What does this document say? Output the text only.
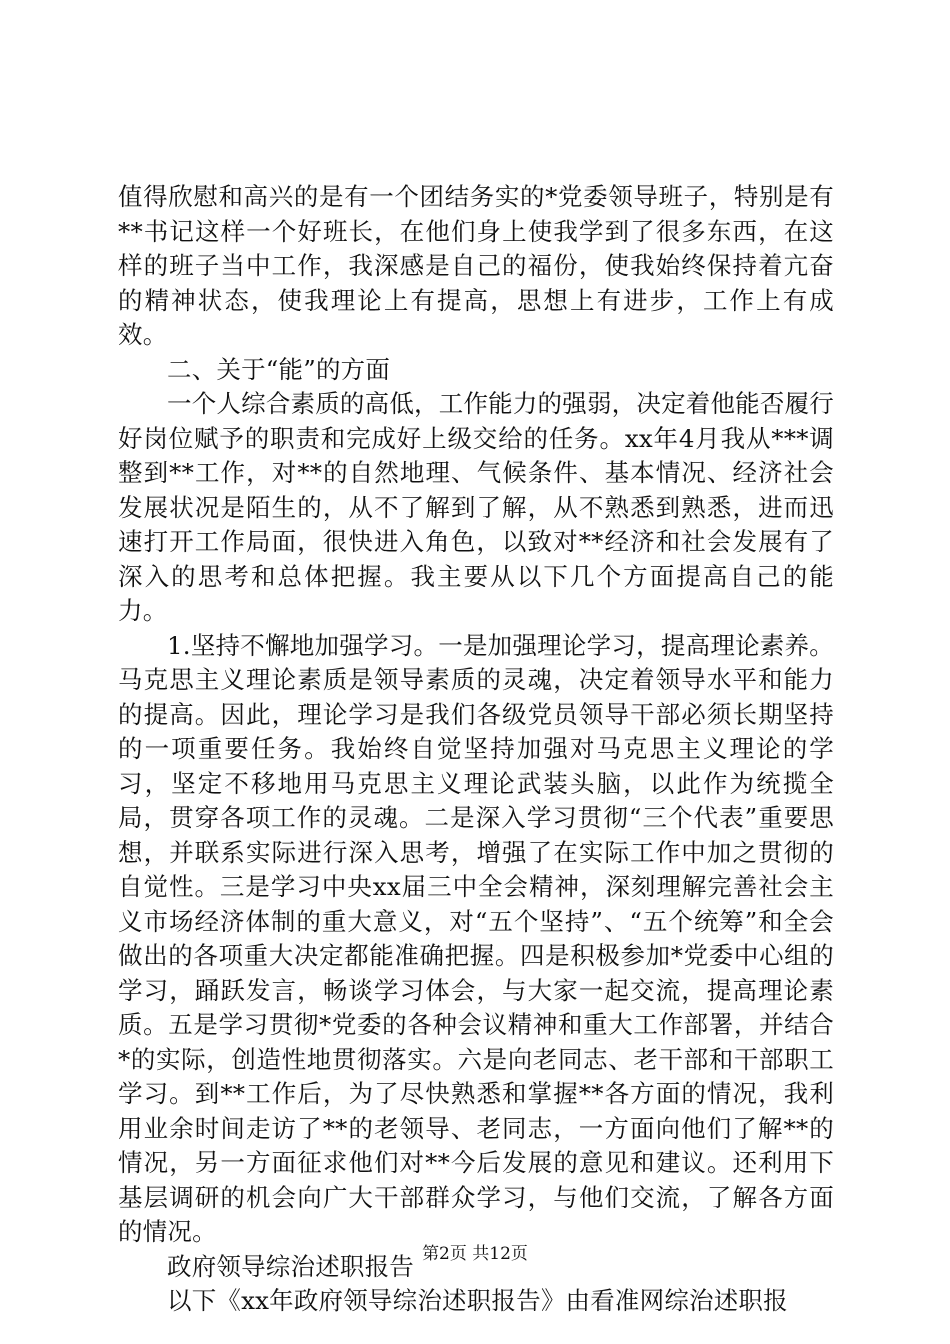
值得欣慰和高兴的是有一个团结务实的*党委领导班子，特别是有**书记这样一个好班长，在他们身上使我学到了很多东西，在这样的班子当中工作，我深感是自己的福份，使我始终保持着亢奋的精神状态，使我理论上有提高，思想上有进步，工作上有成效。

二、关于“能”的方面

一个人综合素质的高低，工作能力的强弱，决定着他能否履行好岗位赋予的职责和完成好上级交给的任务。xx年4月我从***调整到**工作，对**的自然地理、气候条件、基本情况、经济社会发展状况是陌生的，从不了解到了解，从不熟悉到熟悉，进而迅速打开工作局面，很快进入角色，以致对**经济和社会发展有了深入的思考和总体把握。我主要从以下几个方面提高自己的能力。

1.坚持不懈地加强学习。一是加强理论学习，提高理论素养。马克思主义理论素质是领导素质的灵魂，决定着领导水平和能力的提高。因此，理论学习是我们各级党员领导干部必须长期坚持的一项重要任务。我始终自觉坚持加强对马克思主义理论的学习，坚定不移地用马克思主义理论武装头脑，以此作为统揽全局，贯穿各项工作的灵魂。二是深入学习贯彻“三个代表”重要思想，并联系实际进行深入思考，增强了在实际工作中加之贯彻的自觉性。三是学习中央xx届三中全会精神，深刻理解完善社会主义市场经济体制的重大意义，对“五个坚持”、“五个统筹”和全会做出的各项重大决定都能准确把握。四是积极参加*党委中心组的学习，踊跃发言，畅谈学习体会，与大家一起交流，提高理论素质。五是学习贯彻*党委的各种会议精神和重大工作部署，并结合*的实际，创造性地贯彻落实。六是向老同志、老干部和干部职工学习。到**工作后，为了尽快熟悉和掌握**各方面的情况，我利用业余时间走访了**的老领导、老同志，一方面向他们了解**的情况，另一方面征求他们对**今后发展的意见和建议。还利用下基层调研的机会向广大干部群众学习，与他们交流，了解各方面的情况。

政府领导综治述职报告

以下《xx年政府领导综治述职报告》由看准网综治述职报

第2页 共12页
